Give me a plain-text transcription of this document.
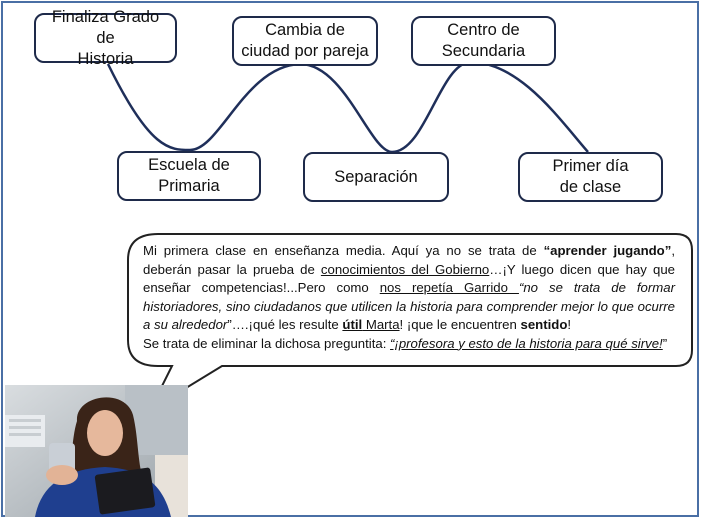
Finaliza Grado de
Historia
Cambia de
ciudad por pareja
Centro de
Secundaria
Escuela de
Primaria
Separación
Primer día
de clase

Mi primera clase en enseñanza media. Aquí ya no se trata de “aprender jugando”, deberán pasar la prueba de conocimientos del Gobierno…¡Y luego dicen que hay que enseñar competencias!...Pero como nos repetía Garrido “no se trata de formar historiadores, sino ciudadanos que utilicen la historia para comprender mejor lo que ocurre a su alrededor”….¡qué les resulte útil Marta! ¡que le encuentren sentido!

Se trata de eliminar la dichosa preguntita: “¡profesora y esto de la historia para qué sirve!”
